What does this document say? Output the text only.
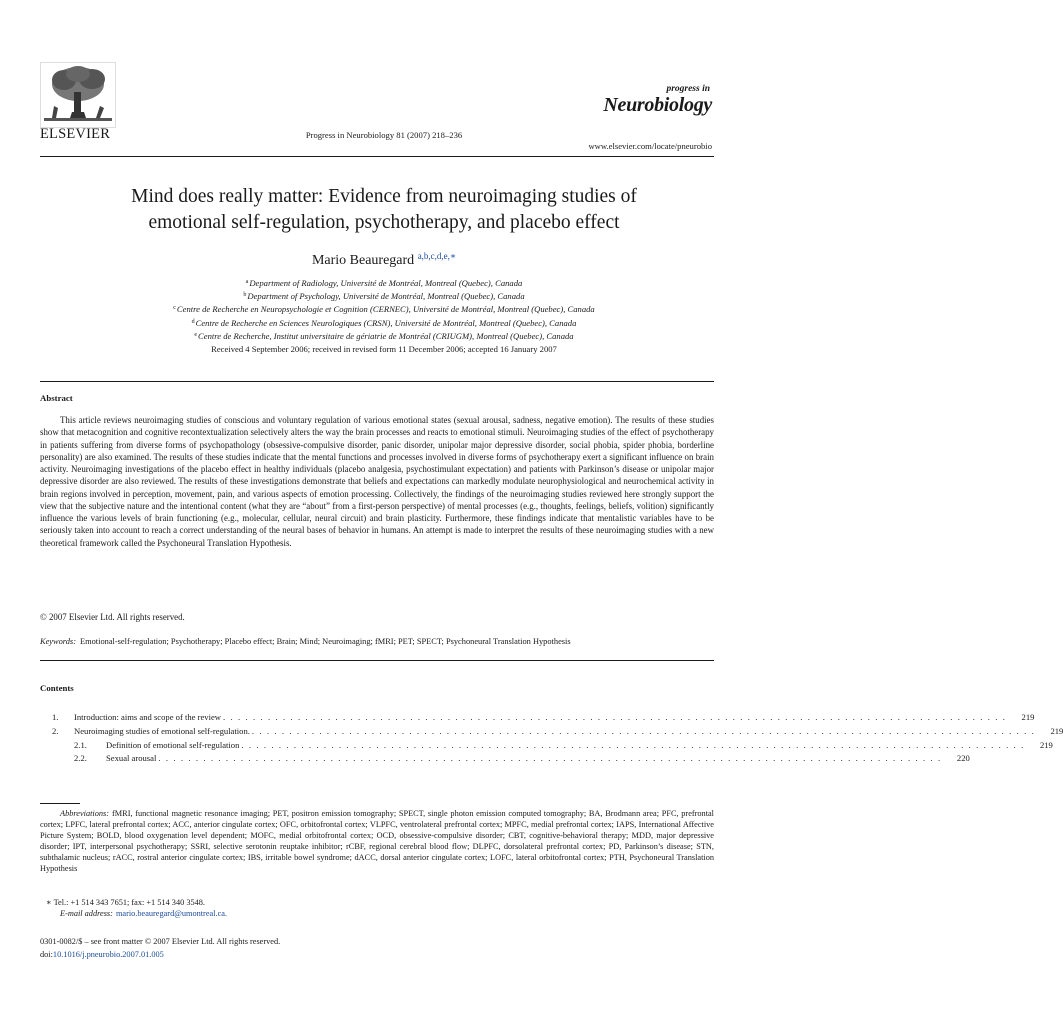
ELSEVIER	Progress in Neurobiology 81 (2007) 218–236
progress in
Neurobiology
www.elsevier.com/locate/pneurobio
Mind does really matter: Evidence from neuroimaging studies of
emotional self-regulation, psychotherapy, and placebo effect
Mario Beauregard $^{a,b,c,d,e,∗}$
$^a$Department of Radiology, Université de Montréal, Montreal (Quebec), Canada
$^b$Department of Psychology, Université de Montréal, Montreal (Quebec), Canada
$^c$Centre de Recherche en Neuropsychologie et Cognition (CERNEC), Université de Montréal, Montreal (Quebec), Canada
$^d$Centre de Recherche en Sciences Neurologiques (CRSN), Université de Montréal, Montreal (Quebec), Canada
$^e$Centre de Recherche, Institut universitaire de gériatrie de Montréal (CRIUGM), Montreal (Quebec), Canada
Received 4 September 2006; received in revised form 11 December 2006; accepted 16 January 2007
Abstract

This article reviews neuroimaging studies of conscious and voluntary regulation of various emotional states (sexual arousal, sadness, negative emotion). The results of these studies show that metacognition and cognitive recontextualization selectively alters the way the brain processes and reacts to emotional stimuli. Neuroimaging studies of the effect of psychotherapy in patients suffering from diverse forms of psychopathology (obsessive-compulsive disorder, panic disorder, unipolar major depressive disorder, social phobia, spider phobia, borderline personality) are also examined. The results of these studies indicate that the mental functions and processes involved in diverse forms of psychotherapy exert a significant influence on brain activity. Neuroimaging investigations of the placebo effect in healthy individuals (placebo analgesia, psychostimulant expectation) and patients with Parkinson’s disease or unipolar major depressive disorder are also reviewed. The results of these investigations demonstrate that beliefs and expectations can markedly modulate neurophysiological and neurochemical activity in brain regions involved in perception, movement, pain, and various aspects of emotion processing. Collectively, the findings of the neuroimaging studies reviewed here strongly support the view that the subjective nature and the intentional content (what they are “about” from a first-person perspective) of mental processes (e.g., thoughts, feelings, beliefs, volition) significantly influence the various levels of brain functioning (e.g., molecular, cellular, neural circuit) and brain plasticity. Furthermore, these findings indicate that mentalistic variables have to be seriously taken into account to reach a correct understanding of the neural bases of behavior in humans. An attempt is made to interpret the results of these neuroimaging studies with a new theoretical framework called the Psychoneural Translation Hypothesis.

© 2007 Elsevier Ltd. All rights reserved.
Keywords: Emotional-self-regulation; Psychotherapy; Placebo effect; Brain; Mind; Neuroimaging; fMRI; PET; SPECT; Psychoneural Translation Hypothesis
Contents
1.	Introduction: aims and scope of the review . . . . . . . . . . . . . . . . . . . . . . . . . . . . . . . . . . . . . . . . . . . . . . . . . . . . . . . . . . . . . . . . . . . . . . . . . . . . . . . . . . . . . . . . . . . . . . . . . . . . . . . . .	219
2.	Neuroimaging studies of emotional self-regulation. . . . . . . . . . . . . . . . . . . . . . . . . . . . . . . . . . . . . . . . . . . . . . . . . . . . . . . . . . . . . . . . . . . . . . . . . . . . . . . . . . . . . . . . . . . . . . . . . . . . . . . . . .	219
2.1.	Definition of emotional self-regulation . . . . . . . . . . . . . . . . . . . . . . . . . . . . . . . . . . . . . . . . . . . . . . . . . . . . . . . . . . . . . . . . . . . . . . . . . . . . . . . . . . . . . . . . . . . . . . . . . . . . . . . . .	219
2.2.	Sexual arousal . . . . . . . . . . . . . . . . . . . . . . . . . . . . . . . . . . . . . . . . . . . . . . . . . . . . . . . . . . . . . . . . . . . . . . . . . . . . . . . . . . . . . . . . . . . . . . . . . . . . . . . . .	220

Abbreviations: fMRI, functional magnetic resonance imaging; PET, positron emission tomography; SPECT, single photon emission computed tomography; BA, Brodmann area; PFC, prefrontal cortex; LPFC, lateral prefrontal cortex; ACC, anterior cingulate cortex; OFC, orbitofrontal cortex; VLPFC, ventrolateral prefrontal cortex; MPFC, medial prefrontal cortex; IAPS, International Affective Picture System; BOLD, blood oxygenation level dependent; MOFC, medial orbitofrontal cortex; OCD, obsessive-compulsive disorder; CBT, cognitive-behavioral therapy; MDD, major depressive disorder; IPT, interpersonal psychotherapy; SSRI, selective serotonin reuptake inhibitor; rCBF, regional cerebral blood flow; DLPFC, dorsolateral prefrontal cortex; PD, Parkinson’s disease; STN, subthalamic nucleus; rACC, rostral anterior cingulate cortex; IBS, irritable bowel syndrome; dACC, dorsal anterior cingulate cortex; LOFC, lateral orbitofrontal cortex; PTH, Psychoneural Translation Hypothesis

∗ Tel.: +1 514 343 7651; fax: +1 514 340 3548.
E-mail address: mario.beauregard@umontreal.ca.
0301-0082/$ – see front matter © 2007 Elsevier Ltd. All rights reserved.
doi:10.1016/j.pneurobio.2007.01.005
